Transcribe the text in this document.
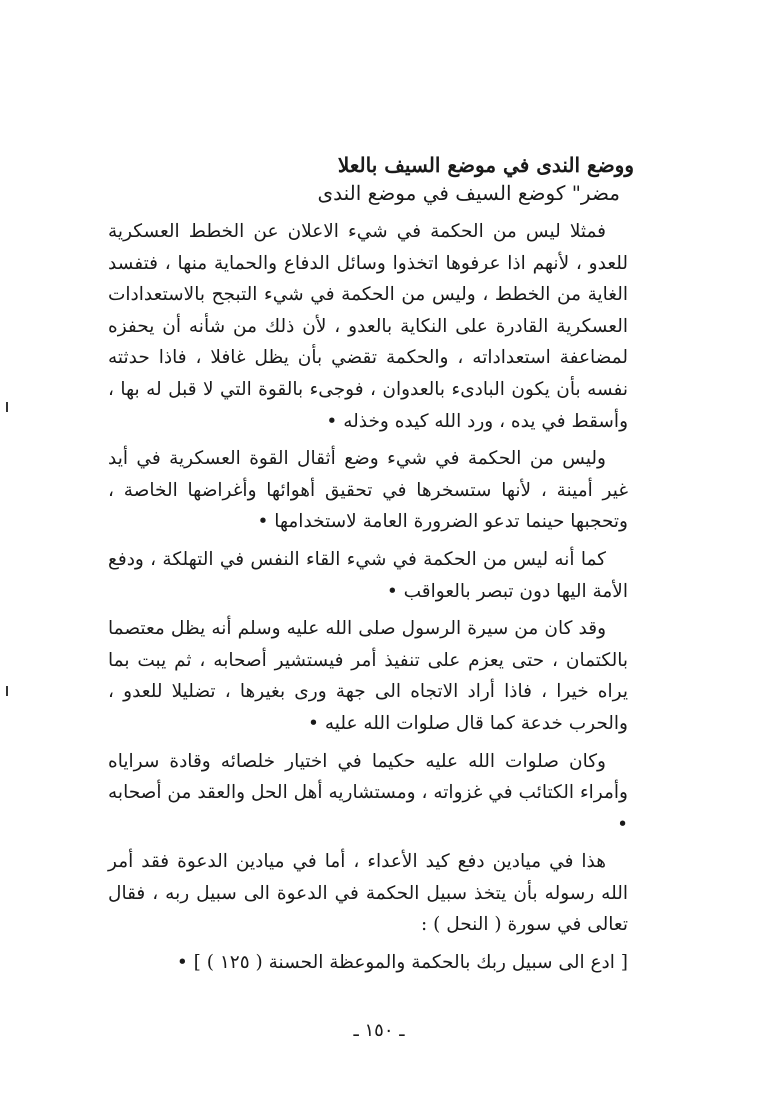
ووضع الندى في موضع السيف بالعلا
مضر" كوضع السيف في موضع الندى

فمثلا ليس من الحكمة في شيء الاعلان عن الخطط العسكرية للعدو ، لأنهم اذا عرفوها اتخذوا وسائل الدفاع والحماية منها ، فتفسد الغاية من الخطط ، وليس من الحكمة في شيء التبجح بالاستعدادات العسكرية القادرة على النكاية بالعدو ، لأن ذلك من شأنه أن يحفزه لمضاعفة استعداداته ، والحكمة تقضي بأن يظل غافلا ، فاذا حدثته نفسه بأن يكون البادىء بالعدوان ، فوجىء بالقوة التي لا قبل له بها ، وأسقط في يده ، ورد الله كيده وخذله •

وليس من الحكمة في شيء وضع أثقال القوة العسكرية في أيد غير أمينة ، لأنها ستسخرها في تحقيق أهوائها وأغراضها الخاصة ، وتحجبها حينما تدعو الضرورة العامة لاستخدامها •

كما أنه ليس من الحكمة في شيء القاء النفس في التهلكة ، ودفع الأمة اليها دون تبصر بالعواقب •

وقد كان من سيرة الرسول صلى الله عليه وسلم أنه يظل معتصما بالكتمان ، حتى يعزم على تنفيذ أمر فيستشير أصحابه ، ثم يبت بما يراه خيرا ، فاذا أراد الاتجاه الى جهة ورى بغيرها ، تضليلا للعدو ، والحرب خدعة كما قال صلوات الله عليه •

وكان صلوات الله عليه حكيما في اختيار خلصائه وقادة سراياه وأمراء الكتائب في غزواته ، ومستشاريه أهل الحل والعقد من أصحابه •

هذا في ميادين دفع كيد الأعداء ، أما في ميادين الدعوة فقد أمر الله رسوله بأن يتخذ سبيل الحكمة في الدعوة الى سبيل ربه ، فقال تعالى في سورة ( النحل ) :

[ ادع الى سبيل ربك بالحكمة والموعظة الحسنة ( ١٢٥ ) ] •

ـ ١٥٠ ـ
